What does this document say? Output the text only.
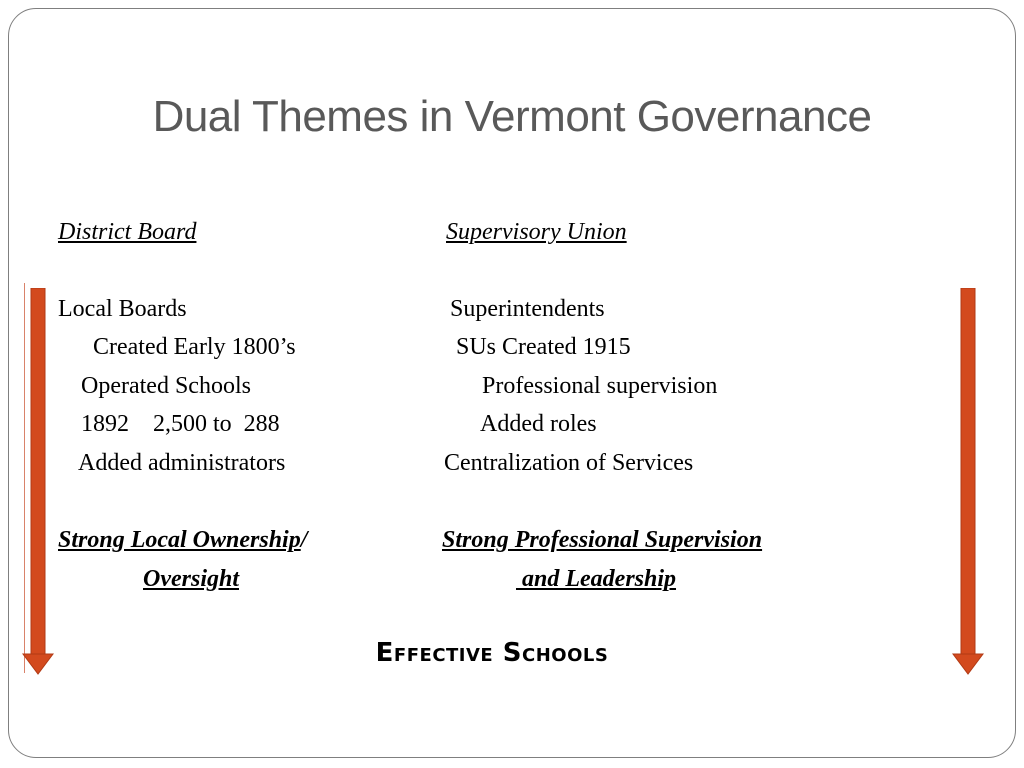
Dual Themes in Vermont Governance
District Board
Local Boards
Created Early 1800’s
Operated Schools
1892    2,500 to  288
Added administrators
Strong Local Ownership/
Oversight
Supervisory Union
Superintendents
SUs Created 1915
Professional supervision
Added roles
Centralization of Services
Strong Professional Supervision
and Leadership
Effective Schools
